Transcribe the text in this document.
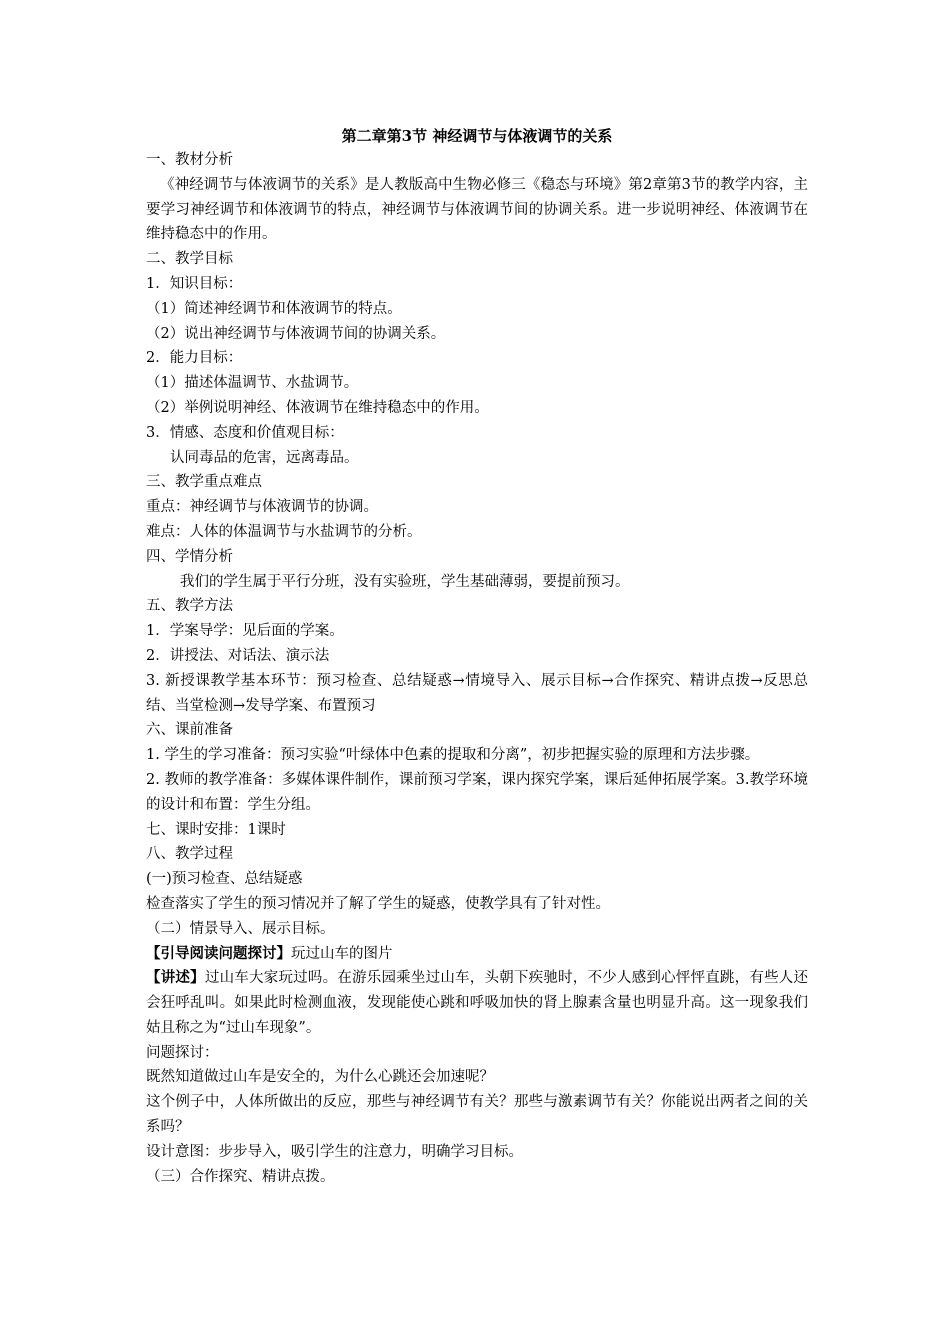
第二章第3节 神经调节与体液调节的关系

一、教材分析

《神经调节与体液调节的关系》是人教版高中生物必修三《稳态与环境》第2章第3节的教学内容，主要学习神经调节和体液调节的特点，神经调节与体液调节间的协调关系。进一步说明神经、体液调节在维持稳态中的作用。

二、教学目标

1．知识目标：

（1）简述神经调节和体液调节的特点。

（2）说出神经调节与体液调节间的协调关系。

2．能力目标：

（1）描述体温调节、水盐调节。

（2）举例说明神经、体液调节在维持稳态中的作用。

3．情感、态度和价值观目标：

认同毒品的危害，远离毒品。

三、教学重点难点

重点：神经调节与体液调节的协调。

难点：人体的体温调节与水盐调节的分析。

四、学情分析

我们的学生属于平行分班，没有实验班，学生基础薄弱，要提前预习。

五、教学方法

1．学案导学：见后面的学案。

2．讲授法、对话法、演示法

3. 新授课教学基本环节：预习检查、总结疑惑→情境导入、展示目标→合作探究、精讲点拨→反思总结、当堂检测→发导学案、布置预习

六、课前准备

1. 学生的学习准备：预习实验“叶绿体中色素的提取和分离”，初步把握实验的原理和方法步骤。

2. 教师的教学准备：多媒体课件制作，课前预习学案，课内探究学案，课后延伸拓展学案。3.教学环境的设计和布置：学生分组。

七、课时安排：1课时

八、教学过程

(一)预习检查、总结疑惑

检查落实了学生的预习情况并了解了学生的疑惑，使教学具有了针对性。

（二）情景导入、展示目标。

【引导阅读问题探讨】玩过山车的图片

【讲述】过山车大家玩过吗。在游乐园乘坐过山车，头朝下疾驰时，不少人感到心怦怦直跳，有些人还会狂呼乱叫。如果此时检测血液，发现能使心跳和呼吸加快的肾上腺素含量也明显升高。这一现象我们姑且称之为“过山车现象”。

问题探讨：

既然知道做过山车是安全的，为什么心跳还会加速呢？

这个例子中，人体所做出的反应，那些与神经调节有关？那些与激素调节有关？你能说出两者之间的关系吗？

设计意图：步步导入，吸引学生的注意力，明确学习目标。

（三）合作探究、精讲点拨。
